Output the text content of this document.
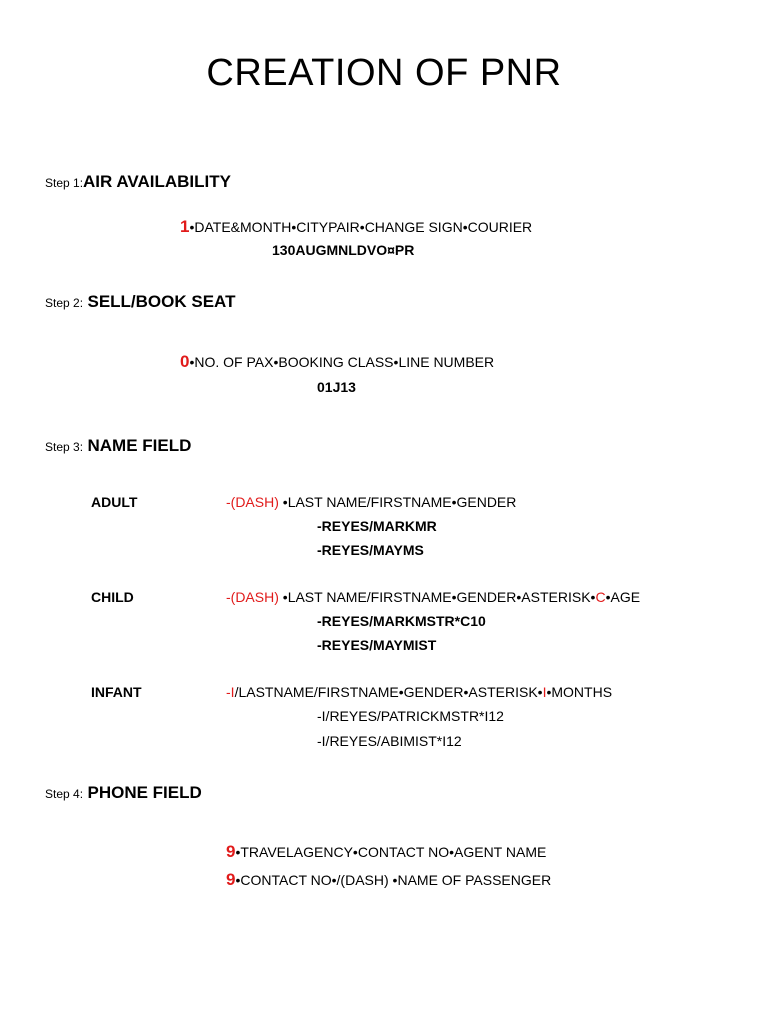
CREATION OF PNR
Step 1:AIR AVAILABILITY
1•DATE&MONTH•CITYPAIR•CHANGE SIGN•COURIER
130AUGMNLDVO¤PR
Step 2: SELL/BOOK SEAT
0•NO. OF PAX•BOOKING CLASS•LINE NUMBER
01J13
Step 3: NAME FIELD
ADULT	-(DASH) •LAST NAME/FIRSTNAME•GENDER
-REYES/MARKMR
-REYES/MAYMS
CHILD	-(DASH) •LAST NAME/FIRSTNAME•GENDER•ASTERISK•C•AGE
-REYES/MARKMSTR*C10
-REYES/MAYMIST
INFANT	-I/LASTNAME/FIRSTNAME•GENDER•ASTERISK•I•MONTHS
-I/REYES/PATRICKMSTR*I12
-I/REYES/ABIMIST*I12
Step 4: PHONE FIELD
9•TRAVELAGENCY•CONTACT NO•AGENT NAME
9•CONTACT NO•/(DASH) •NAME OF PASSENGER
